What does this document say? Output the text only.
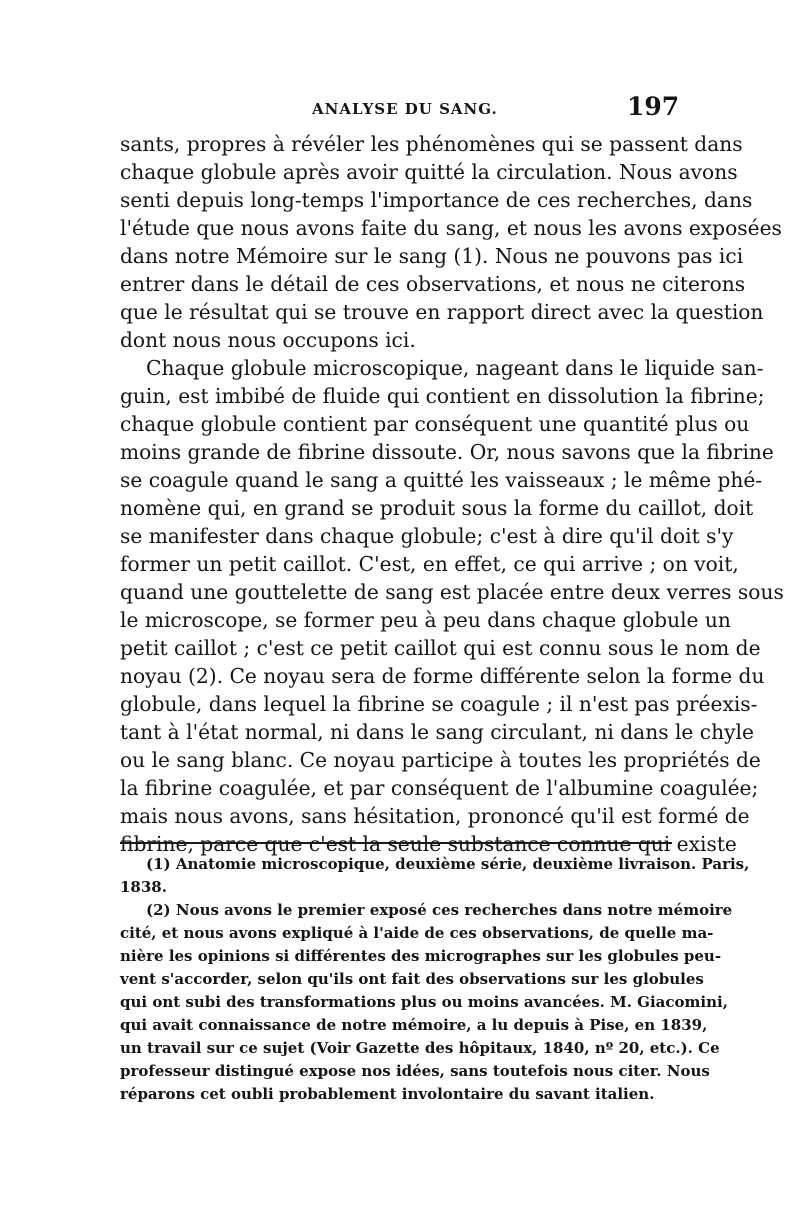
ANALYSE DU SANG.	197
sants, propres à révéler les phénomènes qui se passent dans
chaque globule après avoir quitté la circulation. Nous avons
senti depuis long-temps l'importance de ces recherches, dans
l'étude que nous avons faite du sang, et nous les avons exposées
dans notre Mémoire sur le sang (1). Nous ne pouvons pas ici
entrer dans le détail de ces observations, et nous ne citerons
que le résultat qui se trouve en rapport direct avec la question
dont nous nous occupons ici.
Chaque globule microscopique, nageant dans le liquide san-
guin, est imbibé de fluide qui contient en dissolution la fibrine;
chaque globule contient par conséquent une quantité plus ou
moins grande de fibrine dissoute. Or, nous savons que la fibrine
se coagule quand le sang a quitté les vaisseaux ; le même phé-
nomène qui, en grand se produit sous la forme du caillot, doit
se manifester dans chaque globule; c'est à dire qu'il doit s'y
former un petit caillot. C'est, en effet, ce qui arrive ; on voit,
quand une gouttelette de sang est placée entre deux verres sous
le microscope, se former peu à peu dans chaque globule un
petit caillot ; c'est ce petit caillot qui est connu sous le nom de
noyau (2). Ce noyau sera de forme différente selon la forme du
globule, dans lequel la fibrine se coagule ; il n'est pas préexis-
tant à l'état normal, ni dans le sang circulant, ni dans le chyle
ou le sang blanc. Ce noyau participe à toutes les propriétés de
la fibrine coagulée, et par conséquent de l'albumine coagulée;
mais nous avons, sans hésitation, prononcé qu'il est formé de
fibrine, parce que c'est la seule substance connue qui existe
(1) Anatomie microscopique, deuxième série, deuxième livraison. Paris,
1838.
(2) Nous avons le premier exposé ces recherches dans notre mémoire
cité, et nous avons expliqué à l'aide de ces observations, de quelle ma-
nière les opinions si différentes des micrographes sur les globules peu-
vent s'accorder, selon qu'ils ont fait des observations sur les globules
qui ont subi des transformations plus ou moins avancées. M. Giacomini,
qui avait connaissance de notre mémoire, a lu depuis à Pise, en 1839,
un travail sur ce sujet (Voir Gazette des hôpitaux, 1840, nº 20, etc.). Ce
professeur distingué expose nos idées, sans toutefois nous citer. Nous
réparons cet oubli probablement involontaire du savant italien.
